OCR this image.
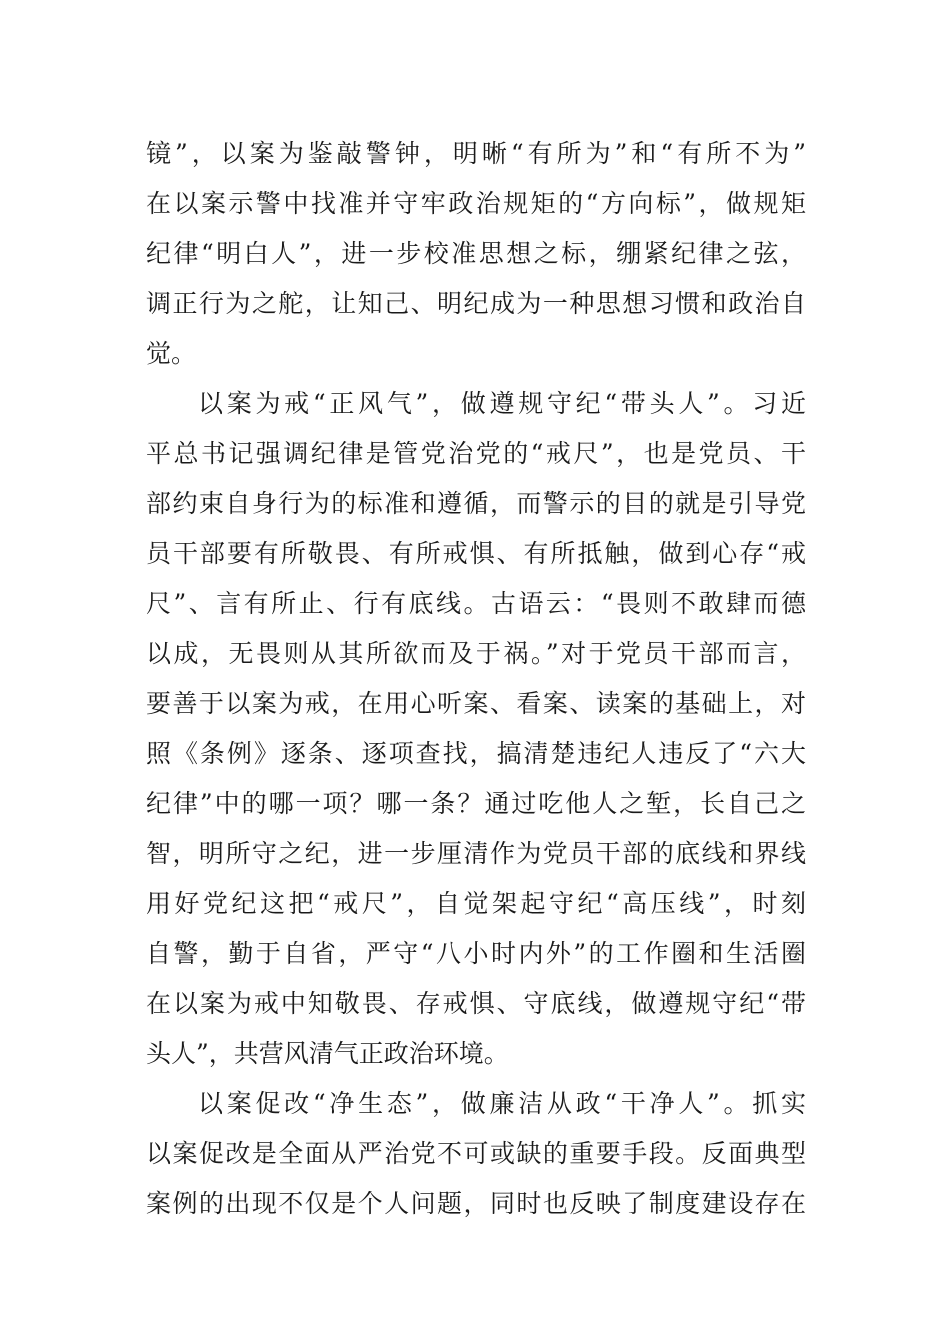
镜”，以案为鉴敲警钟，明晰“有所为”和“有所不为”
在以案示警中找准并守牢政治规矩的“方向标”，做规矩
纪律“明白人”，进一步校准思想之标，绷紧纪律之弦，
调正行为之舵，让知己、明纪成为一种思想习惯和政治自
觉。
以案为戒“正风气”，做遵规守纪“带头人”。习近
平总书记强调纪律是管党治党的“戒尺”，也是党员、干
部约束自身行为的标准和遵循，而警示的目的就是引导党
员干部要有所敬畏、有所戒惧、有所抵触，做到心存“戒
尺”、言有所止、行有底线。古语云：“畏则不敢肆而德
以成，无畏则从其所欲而及于祸。”对于党员干部而言，
要善于以案为戒，在用心听案、看案、读案的基础上，对
照《条例》逐条、逐项查找，搞清楚违纪人违反了“六大
纪律”中的哪一项？哪一条？通过吃他人之堑，长自己之
智，明所守之纪，进一步厘清作为党员干部的底线和界线
用好党纪这把“戒尺”，自觉架起守纪“高压线”，时刻
自警，勤于自省，严守“八小时内外”的工作圈和生活圈
在以案为戒中知敬畏、存戒惧、守底线，做遵规守纪“带
头人”，共营风清气正政治环境。
以案促改“净生态”，做廉洁从政“干净人”。抓实
以案促改是全面从严治党不可或缺的重要手段。反面典型
案例的出现不仅是个人问题，同时也反映了制度建设存在
